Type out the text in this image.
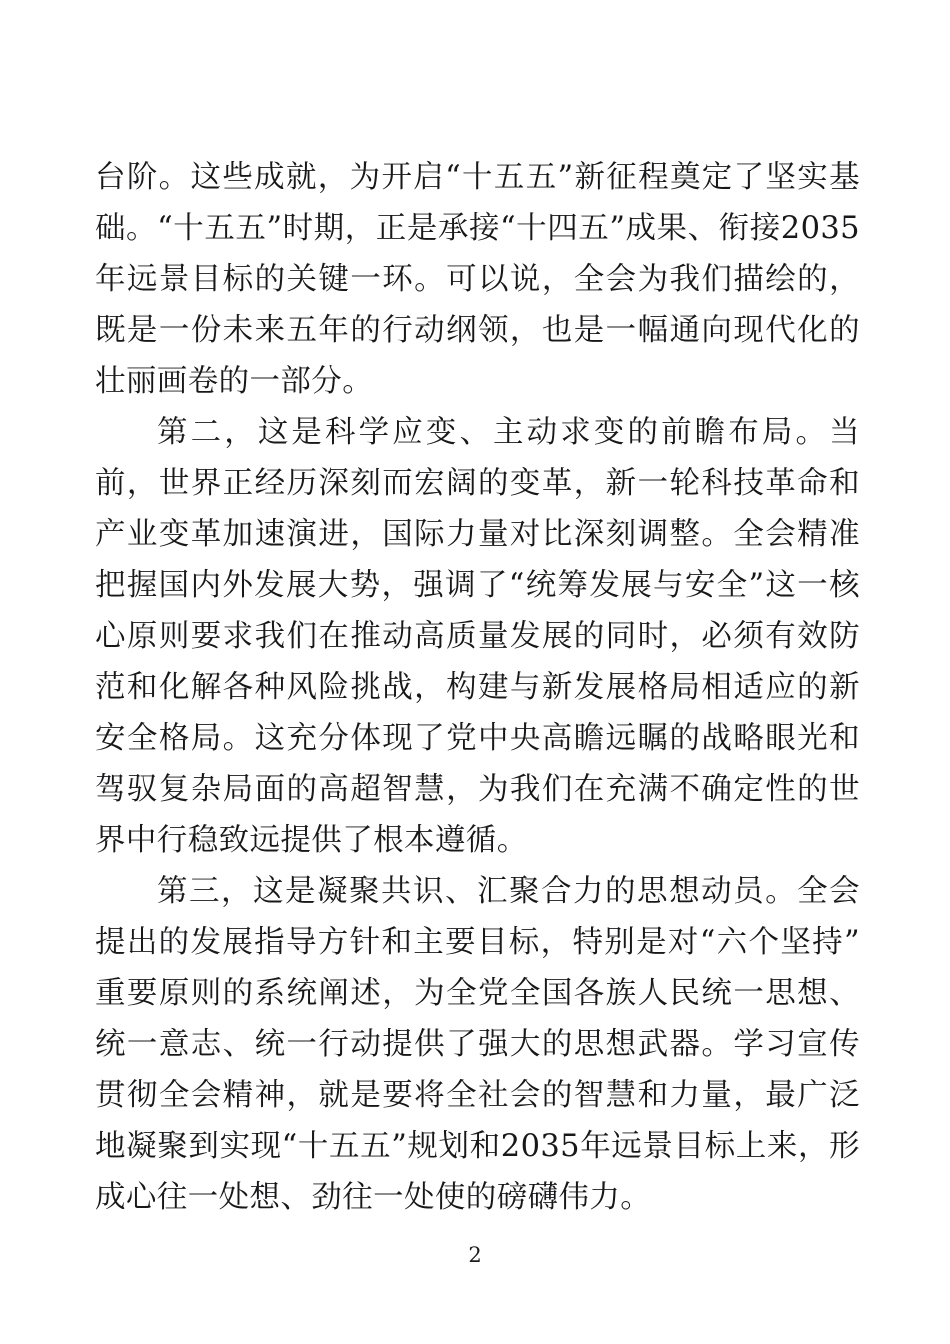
台阶。这些成就，为开启“十五五”新征程奠定了坚实基础。“十五五”时期，正是承接“十四五”成果、衔接2035年远景目标的关键一环。可以说，全会为我们描绘的，既是一份未来五年的行动纲领，也是一幅通向现代化的壮丽画卷的一部分。

第二，这是科学应变、主动求变的前瞻布局。当前，世界正经历深刻而宏阔的变革，新一轮科技革命和产业变革加速演进，国际力量对比深刻调整。全会精准把握国内外发展大势，强调了“统筹发展与安全”这一核心原则要求我们在推动高质量发展的同时，必须有效防范和化解各种风险挑战，构建与新发展格局相适应的新安全格局。这充分体现了党中央高瞻远瞩的战略眼光和驾驭复杂局面的高超智慧，为我们在充满不确定性的世界中行稳致远提供了根本遵循。

第三，这是凝聚共识、汇聚合力的思想动员。全会提出的发展指导方针和主要目标，特别是对“六个坚持”重要原则的系统阐述，为全党全国各族人民统一思想、统一意志、统一行动提供了强大的思想武器。学习宣传贯彻全会精神，就是要将全社会的智慧和力量，最广泛地凝聚到实现“十五五”规划和2035年远景目标上来，形成心往一处想、劲往一处使的磅礴伟力。

2
